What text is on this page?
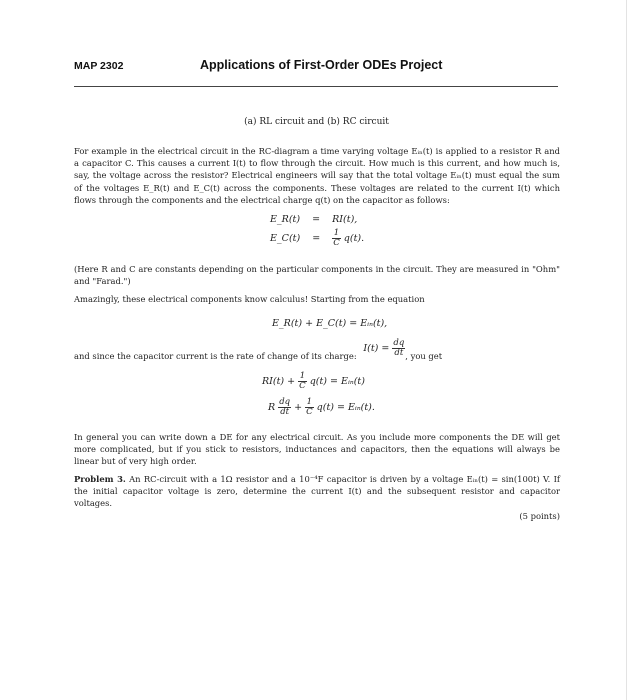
MAP 2302	Applications of First-Order ODEs Project
(a) RL circuit and (b) RC circuit
For example in the electrical circuit in the RC-diagram a time varying voltage Eᵢₙ(t) is applied to a resistor R and a capacitor C. This causes a current I(t) to flow through the circuit. How much is this current, and how much is, say, the voltage across the resistor? Electrical engineers will say that the total voltage Eᵢₙ(t) must equal the sum of the voltages E_R(t) and E_C(t) across the components. These voltages are related to the current I(t) which flows through the components and the electrical charge q(t) on the capacitor as follows:
E_R(t) = RI(t),
E_C(t) = $\frac{1}{C} q(t)$.
(Here R and C are constants depending on the particular components in the circuit. They are measured in "Ohm" and "Farad.")
Amazingly, these electrical components know calculus! Starting from the equation
E_R(t) + E_C(t) = Eᵢₙ(t),
and since the capacitor current is the rate of change of its charge: $I(t) = \frac{dq}{dt}$ , you get
$RI(t) + \frac{1}{C} q(t)$ = Eᵢₙ(t)
R $\frac{dq}{dt} + \frac{1}{C} q(t)$ = Eᵢₙ(t).
In general you can write down a DE for any electrical circuit. As you include more components the DE will get more complicated, but if you stick to resistors, inductances and capacitors, then the equations will always be linear but of very high order.
Problem 3. An RC-circuit with a 1Ω resistor and a 10⁻⁴F capacitor is driven by a voltage Eᵢₙ(t) = sin(100t) V. If the initial capacitor voltage is zero, determine the current I(t) and the subsequent resistor and capacitor voltages.
(5 points)
